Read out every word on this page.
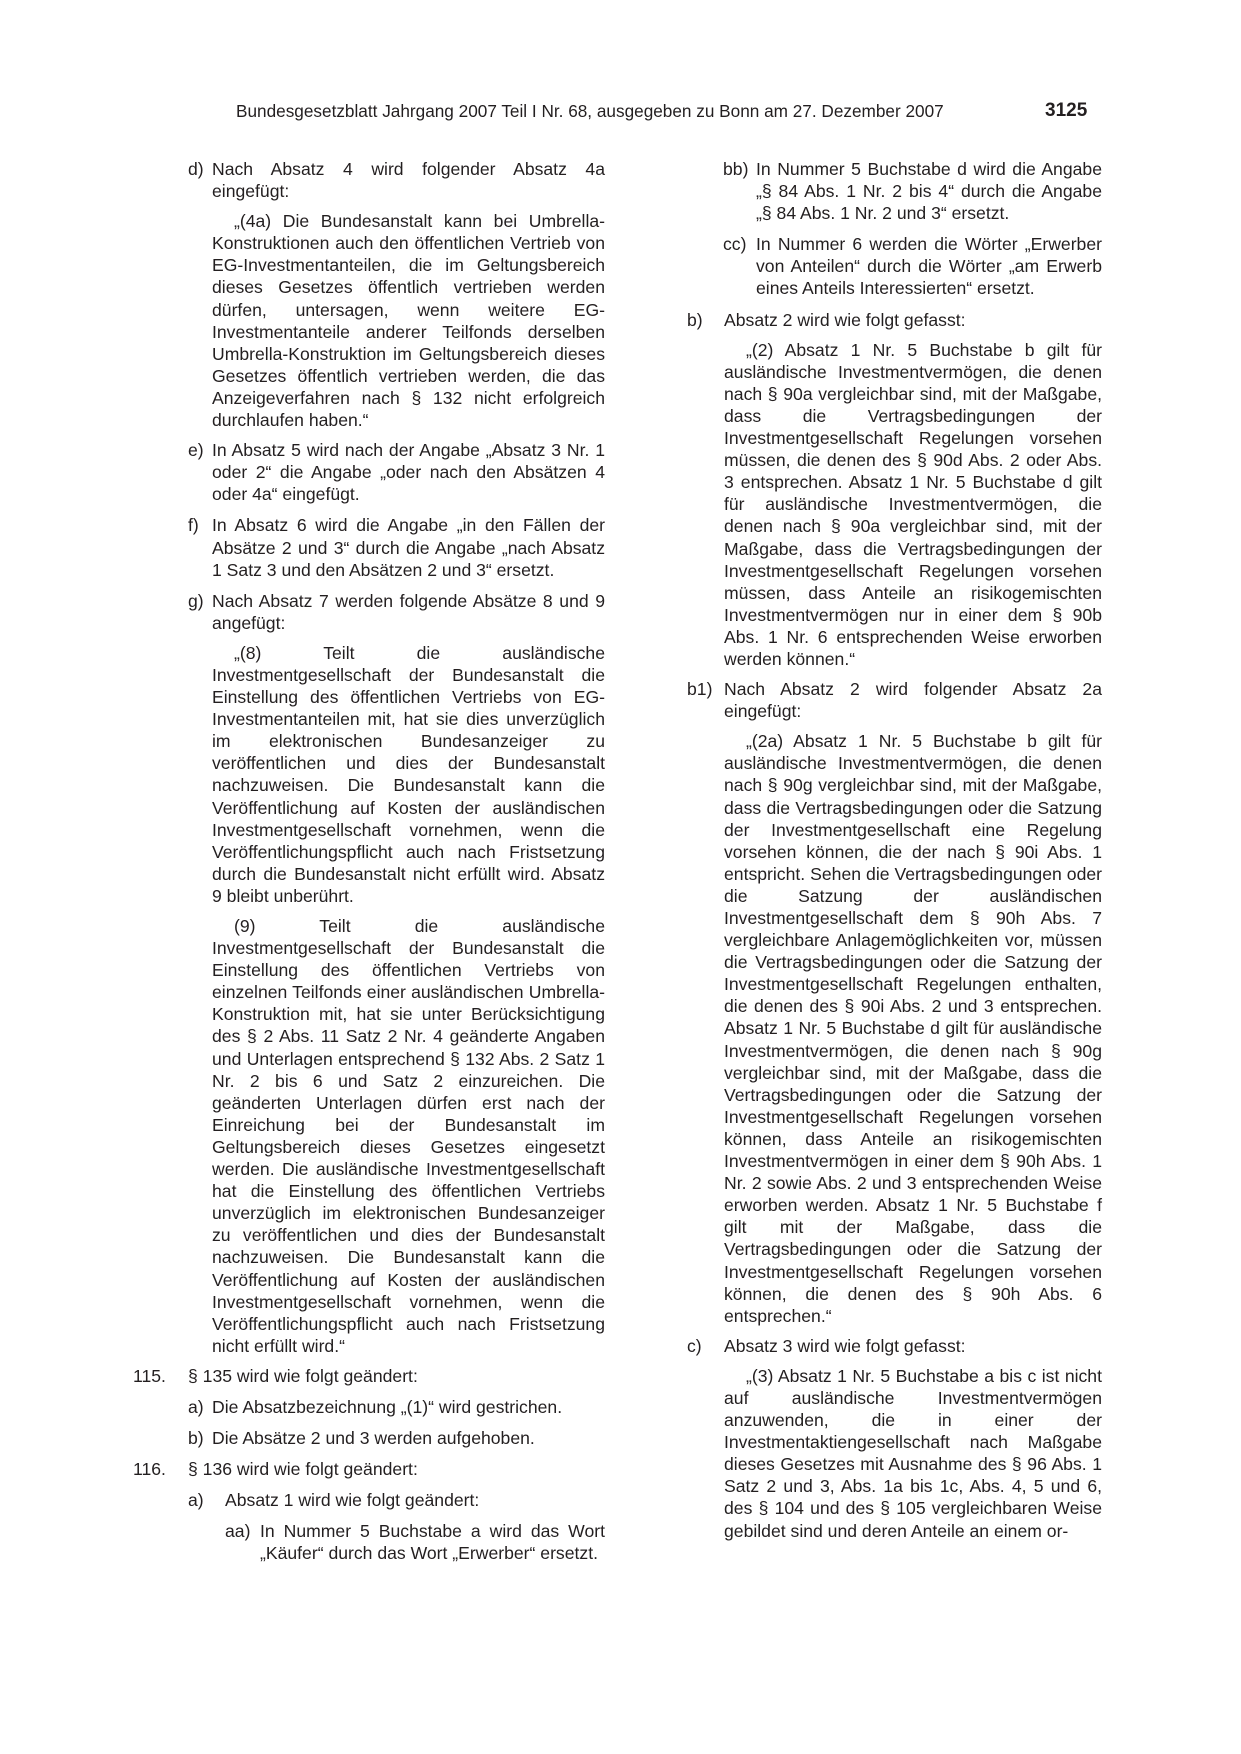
Bundesgesetzblatt Jahrgang 2007 Teil I Nr. 68, ausgegeben zu Bonn am 27. Dezember 2007	3125
d) Nach Absatz 4 wird folgender Absatz 4a eingefügt:

„(4a) Die Bundesanstalt kann bei Umbrella-Konstruktionen auch den öffentlichen Vertrieb von EG-Investmentanteilen, die im Geltungsbereich dieses Gesetzes öffentlich vertrieben werden dürfen, untersagen, wenn weitere EG-Investmentanteile anderer Teilfonds derselben Umbrella-Konstruktion im Geltungsbereich dieses Gesetzes öffentlich vertrieben werden, die das Anzeigeverfahren nach § 132 nicht erfolgreich durchlaufen haben.“

e) In Absatz 5 wird nach der Angabe „Absatz 3 Nr. 1 oder 2“ die Angabe „oder nach den Absätzen 4 oder 4a“ eingefügt.

f) In Absatz 6 wird die Angabe „in den Fällen der Absätze 2 und 3“ durch die Angabe „nach Absatz 1 Satz 3 und den Absätzen 2 und 3“ ersetzt.

g) Nach Absatz 7 werden folgende Absätze 8 und 9 angefügt:

„(8) Teilt die ausländische Investmentgesellschaft der Bundesanstalt die Einstellung des öffentlichen Vertriebs von EG-Investmentanteilen mit, hat sie dies unverzüglich im elektronischen Bundesanzeiger zu veröffentlichen und dies der Bundesanstalt nachzuweisen. Die Bundesanstalt kann die Veröffentlichung auf Kosten der ausländischen Investmentgesellschaft vornehmen, wenn die Veröffentlichungspflicht auch nach Fristsetzung durch die Bundesanstalt nicht erfüllt wird. Absatz 9 bleibt unberührt.

(9) Teilt die ausländische Investmentgesellschaft der Bundesanstalt die Einstellung des öffentlichen Vertriebs von einzelnen Teilfonds einer ausländischen Umbrella-Konstruktion mit, hat sie unter Berücksichtigung des § 2 Abs. 11 Satz 2 Nr. 4 geänderte Angaben und Unterlagen entsprechend § 132 Abs. 2 Satz 1 Nr. 2 bis 6 und Satz 2 einzureichen. Die geänderten Unterlagen dürfen erst nach der Einreichung bei der Bundesanstalt im Geltungsbereich dieses Gesetzes eingesetzt werden. Die ausländische Investmentgesellschaft hat die Einstellung des öffentlichen Vertriebs unverzüglich im elektronischen Bundesanzeiger zu veröffentlichen und dies der Bundesanstalt nachzuweisen. Die Bundesanstalt kann die Veröffentlichung auf Kosten der ausländischen Investmentgesellschaft vornehmen, wenn die Veröffentlichungspflicht auch nach Fristsetzung nicht erfüllt wird.“

115. § 135 wird wie folgt geändert:

a) Die Absatzbezeichnung „(1)“ wird gestrichen.

b) Die Absätze 2 und 3 werden aufgehoben.

116. § 136 wird wie folgt geändert:

a) Absatz 1 wird wie folgt geändert:

aa) In Nummer 5 Buchstabe a wird das Wort „Käufer“ durch das Wort „Erwerber“ ersetzt.

bb) In Nummer 5 Buchstabe d wird die Angabe „§ 84 Abs. 1 Nr. 2 bis 4“ durch die Angabe „§ 84 Abs. 1 Nr. 2 und 3“ ersetzt.

cc) In Nummer 6 werden die Wörter „Erwerber von Anteilen“ durch die Wörter „am Erwerb eines Anteils Interessierten“ ersetzt.

b) Absatz 2 wird wie folgt gefasst:

„(2) Absatz 1 Nr. 5 Buchstabe b gilt für ausländische Investmentvermögen, die denen nach § 90a vergleichbar sind, mit der Maßgabe, dass die Vertragsbedingungen der Investmentgesellschaft Regelungen vorsehen müssen, die denen des § 90d Abs. 2 oder Abs. 3 entsprechen. Absatz 1 Nr. 5 Buchstabe d gilt für ausländische Investmentvermögen, die denen nach § 90a vergleichbar sind, mit der Maßgabe, dass die Vertragsbedingungen der Investmentgesellschaft Regelungen vorsehen müssen, dass Anteile an risikogemischten Investmentvermögen nur in einer dem § 90b Abs. 1 Nr. 6 entsprechenden Weise erworben werden können.“

b1) Nach Absatz 2 wird folgender Absatz 2a eingefügt:

„(2a) Absatz 1 Nr. 5 Buchstabe b gilt für ausländische Investmentvermögen, die denen nach § 90g vergleichbar sind, mit der Maßgabe, dass die Vertragsbedingungen oder die Satzung der Investmentgesellschaft eine Regelung vorsehen können, die der nach § 90i Abs. 1 entspricht. Sehen die Vertragsbedingungen oder die Satzung der ausländischen Investmentgesellschaft dem § 90h Abs. 7 vergleichbare Anlagemöglichkeiten vor, müssen die Vertragsbedingungen oder die Satzung der Investmentgesellschaft Regelungen enthalten, die denen des § 90i Abs. 2 und 3 entsprechen. Absatz 1 Nr. 5 Buchstabe d gilt für ausländische Investmentvermögen, die denen nach § 90g vergleichbar sind, mit der Maßgabe, dass die Vertragsbedingungen oder die Satzung der Investmentgesellschaft Regelungen vorsehen können, dass Anteile an risikogemischten Investmentvermögen in einer dem § 90h Abs. 1 Nr. 2 sowie Abs. 2 und 3 entsprechenden Weise erworben werden. Absatz 1 Nr. 5 Buchstabe f gilt mit der Maßgabe, dass die Vertragsbedingungen oder die Satzung der Investmentgesellschaft Regelungen vorsehen können, die denen des § 90h Abs. 6 entsprechen.“

c) Absatz 3 wird wie folgt gefasst:

„(3) Absatz 1 Nr. 5 Buchstabe a bis c ist nicht auf ausländische Investmentvermögen anzuwenden, die in einer der Investmentaktiengesellschaft nach Maßgabe dieses Gesetzes mit Ausnahme des § 96 Abs. 1 Satz 2 und 3, Abs. 1a bis 1c, Abs. 4, 5 und 6, des § 104 und des § 105 vergleichbaren Weise gebildet sind und deren Anteile an einem or-
